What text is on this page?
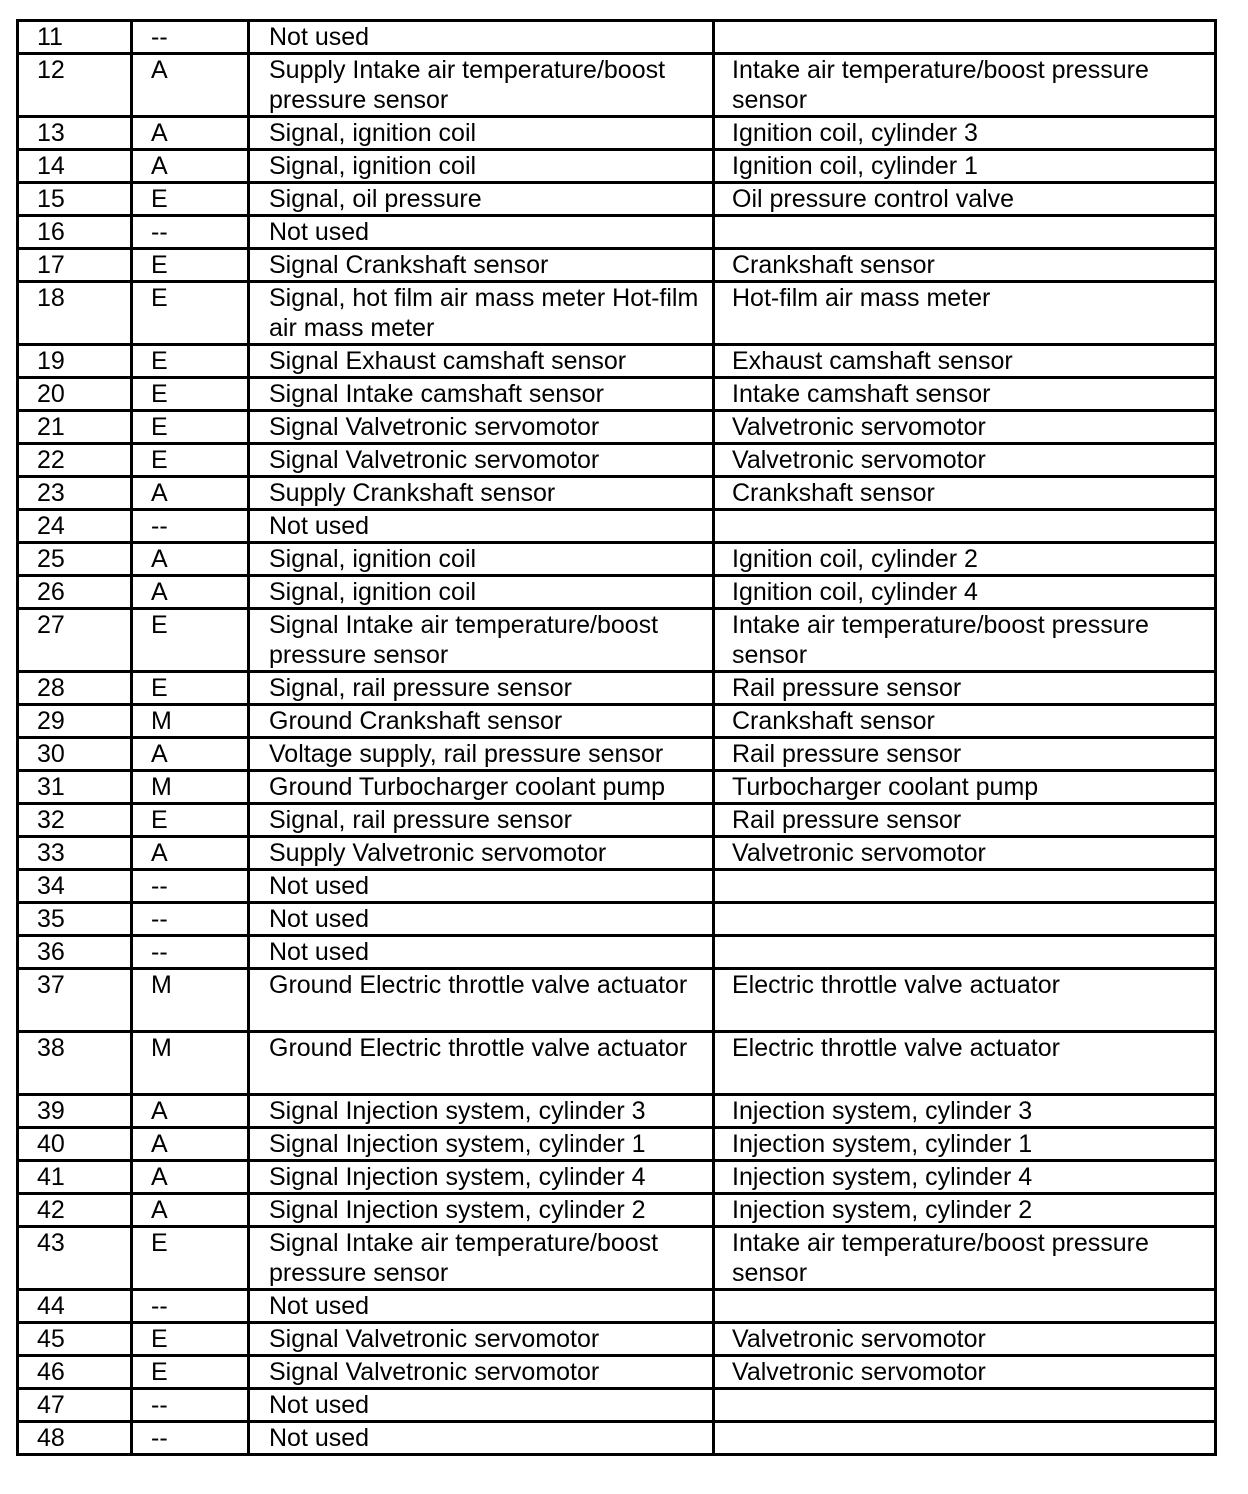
11	--	Not used	
12	A	Supply Intake air temperature/boost pressure sensor	Intake air temperature/boost pressure sensor
13	A	Signal, ignition coil	Ignition coil, cylinder 3
14	A	Signal, ignition coil	Ignition coil, cylinder 1
15	E	Signal, oil pressure	Oil pressure control valve
16	--	Not used	
17	E	Signal Crankshaft sensor	Crankshaft sensor
18	E	Signal, hot film air mass meter Hot-film air mass meter	Hot-film air mass meter
19	E	Signal Exhaust camshaft sensor	Exhaust camshaft sensor
20	E	Signal Intake camshaft sensor	Intake camshaft sensor
21	E	Signal Valvetronic servomotor	Valvetronic servomotor
22	E	Signal Valvetronic servomotor	Valvetronic servomotor
23	A	Supply Crankshaft sensor	Crankshaft sensor
24	--	Not used	
25	A	Signal, ignition coil	Ignition coil, cylinder 2
26	A	Signal, ignition coil	Ignition coil, cylinder 4
27	E	Signal Intake air temperature/boost pressure sensor	Intake air temperature/boost pressure sensor
28	E	Signal, rail pressure sensor	Rail pressure sensor
29	M	Ground Crankshaft sensor	Crankshaft sensor
30	A	Voltage supply, rail pressure sensor	Rail pressure sensor
31	M	Ground Turbocharger coolant pump	Turbocharger coolant pump
32	E	Signal, rail pressure sensor	Rail pressure sensor
33	A	Supply Valvetronic servomotor	Valvetronic servomotor
34	--	Not used	
35	--	Not used	
36	--	Not used	
37	M	Ground Electric throttle valve actuator	Electric throttle valve actuator
38	M	Ground Electric throttle valve actuator	Electric throttle valve actuator
39	A	Signal Injection system, cylinder 3	Injection system, cylinder 3
40	A	Signal Injection system, cylinder 1	Injection system, cylinder 1
41	A	Signal Injection system, cylinder 4	Injection system, cylinder 4
42	A	Signal Injection system, cylinder 2	Injection system, cylinder 2
43	E	Signal Intake air temperature/boost pressure sensor	Intake air temperature/boost pressure sensor
44	--	Not used	
45	E	Signal Valvetronic servomotor	Valvetronic servomotor
46	E	Signal Valvetronic servomotor	Valvetronic servomotor
47	--	Not used	
48	--	Not used	
